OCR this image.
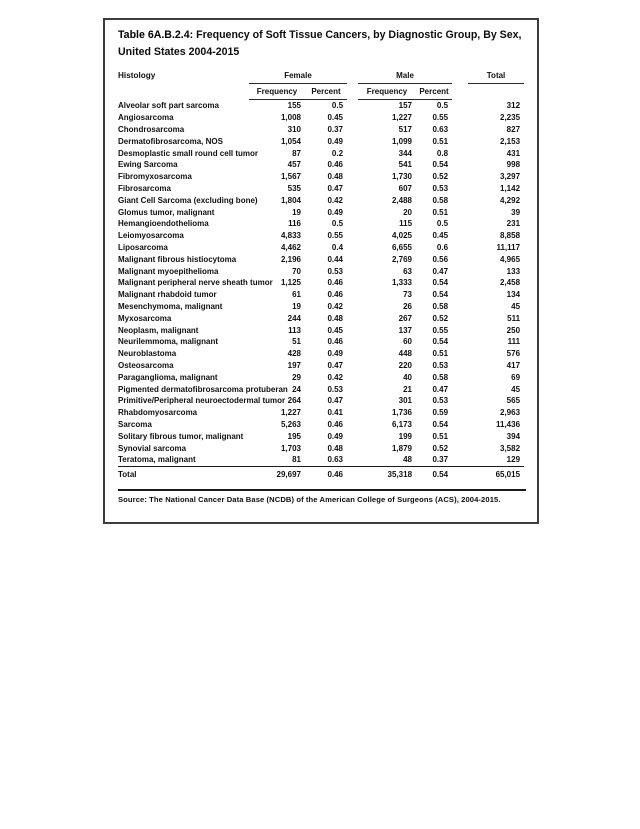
Table 6A.B.2.4: Frequency of Soft Tissue Cancers, by Diagnostic Group, By Sex,
United States 2004-2015
Histology	Female			Male			Total
	Frequency	Percent		Frequency	Percent		
Alveolar soft part sarcoma	155	0.5		157	0.5		312
Angiosarcoma	1,008	0.45		1,227	0.55		2,235
Chondrosarcoma	310	0.37		517	0.63		827
Dermatofibrosarcoma, NOS	1,054	0.49		1,099	0.51		2,153
Desmoplastic small round cell tumor	87	0.2		344	0.8		431
Ewing Sarcoma	457	0.46		541	0.54		998
Fibromyxosarcoma	1,567	0.48		1,730	0.52		3,297
Fibrosarcoma	535	0.47		607	0.53		1,142
Giant Cell Sarcoma (excluding bone)	1,804	0.42		2,488	0.58		4,292
Glomus tumor, malignant	19	0.49		20	0.51		39
Hemangioendothelioma	116	0.5		115	0.5		231
Leiomyosarcoma	4,833	0.55		4,025	0.45		8,858
Liposarcoma	4,462	0.4		6,655	0.6		11,117
Malignant fibrous histiocytoma	2,196	0.44		2,769	0.56		4,965
Malignant myoepithelioma	70	0.53		63	0.47		133
Malignant peripheral nerve sheath tumor	1,125	0.46		1,333	0.54		2,458
Malignant rhabdoid tumor	61	0.46		73	0.54		134
Mesenchymoma, malignant	19	0.42		26	0.58		45
Myxosarcoma	244	0.48		267	0.52		511
Neoplasm, malignant	113	0.45		137	0.55		250
Neurilemmoma, malignant	51	0.46		60	0.54		111
Neuroblastoma	428	0.49		448	0.51		576
Osteosarcoma	197	0.47		220	0.53		417
Paraganglioma, malignant	29	0.42		40	0.58		69
Pigmented dermatofibrosarcoma protuberan	24	0.53		21	0.47		45
Primitive/Peripheral neuroectodermal tumor	264	0.47		301	0.53		565
Rhabdomyosarcoma	1,227	0.41		1,736	0.59		2,963
Sarcoma	5,263	0.46		6,173	0.54		11,436
Solitary fibrous tumor, malignant	195	0.49		199	0.51		394
Synovial sarcoma	1,703	0.48		1,879	0.52		3,582
Teratoma, malignant	81	0.63		48	0.37		129
Total	29,697	0.46		35,318	0.54		65,015
Source: The National Cancer Data Base (NCDB) of the American College of Surgeons (ACS), 2004-2015.
